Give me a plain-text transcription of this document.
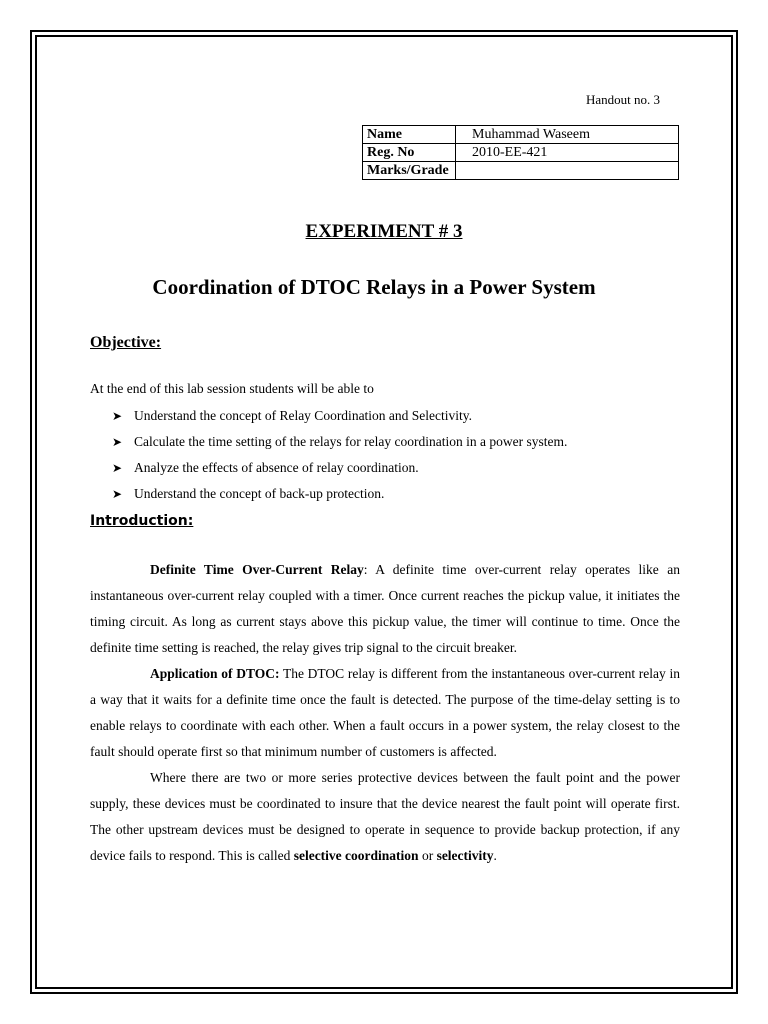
Handout no. 3
Name	Muhammad Waseem
Reg. No	2010-EE-421
Marks/Grade	
EXPERIMENT # 3
Coordination of DTOC Relays in a Power System
Objective:
At the end of this lab session students will be able to
➤ Understand the concept of Relay Coordination and Selectivity.
➤ Calculate the time setting of the relays for relay coordination in a power system.
➤ Analyze the effects of absence of relay coordination.
➤ Understand the concept of back-up protection.
Introduction:

Definite Time Over-Current Relay: A definite time over-current relay operates like an instantaneous over-current relay coupled with a timer. Once current reaches the pickup value, it initiates the timing circuit. As long as current stays above this pickup value, the timer will continue to time. Once the definite time setting is reached, the relay gives trip signal to the circuit breaker.

Application of DTOC: The DTOC relay is different from the instantaneous over-current relay in a way that it waits for a definite time once the fault is detected. The purpose of the time-delay setting is to enable relays to coordinate with each other. When a fault occurs in a power system, the relay closest to the fault should operate first so that minimum number of customers is affected.

Where there are two or more series protective devices between the fault point and the power supply, these devices must be coordinated to insure that the device nearest the fault point will operate first. The other upstream devices must be designed to operate in sequence to provide backup protection, if any device fails to respond. This is called selective coordination or selectivity.
